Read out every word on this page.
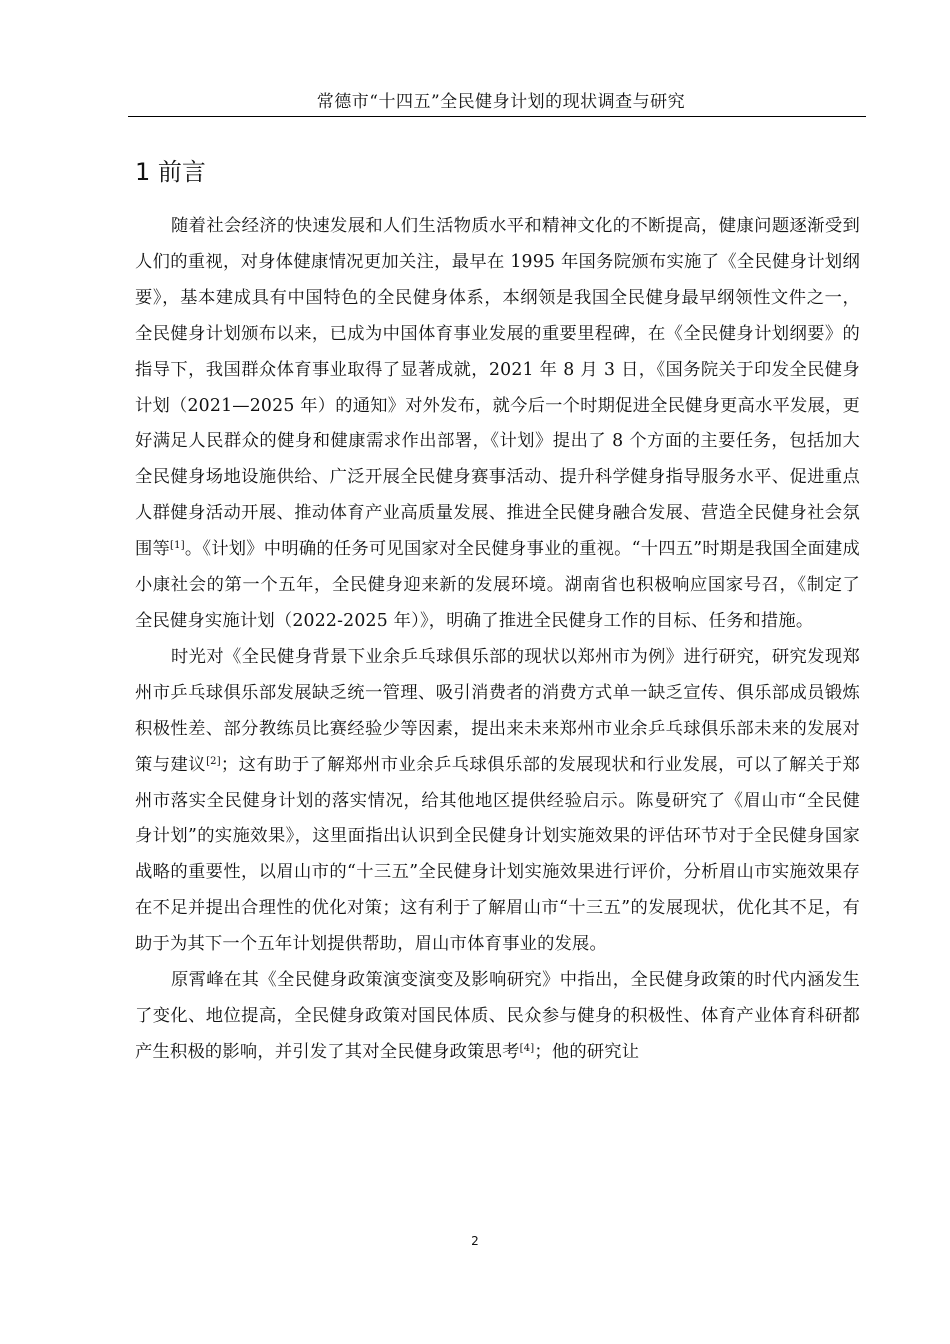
常德市“十四五”全民健身计划的现状调查与研究
1 前言

随着社会经济的快速发展和人们生活物质水平和精神文化的不断提高，健康问题逐渐受到人们的重视，对身体健康情况更加关注，最早在 1995 年国务院颁布实施了《全民健身计划纲要》，基本建成具有中国特色的全民健身体系，本纲领是我国全民健身最早纲领性文件之一，全民健身计划颁布以来，已成为中国体育事业发展的重要里程碑，在《全民健身计划纲要》的指导下，我国群众体育事业取得了显著成就，2021 年 8 月 3 日，《国务院关于印发全民健身计划（2021—2025 年）的通知》对外发布，就今后一个时期促进全民健身更高水平发展，更好满足人民群众的健身和健康需求作出部署，《计划》提出了 8 个方面的主要任务，包括加大全民健身场地设施供给、广泛开展全民健身赛事活动、提升科学健身指导服务水平、促进重点人群健身活动开展、推动体育产业高质量发展、推进全民健身融合发展、营造全民健身社会氛围等[1]。《计划》中明确的任务可见国家对全民健身事业的重视。“十四五”时期是我国全面建成小康社会的第一个五年，全民健身迎来新的发展环境。湖南省也积极响应国家号召，《制定了全民健身实施计划（2022-2025 年）》，明确了推进全民健身工作的目标、任务和措施。

时光对《全民健身背景下业余乒乓球俱乐部的现状以郑州市为例》进行研究，研究发现郑州市乒乓球俱乐部发展缺乏统一管理、吸引消费者的消费方式单一缺乏宣传、俱乐部成员锻炼积极性差、部分教练员比赛经验少等因素，提出来未来郑州市业余乒乓球俱乐部未来的发展对策与建议[2]；这有助于了解郑州市业余乒乓球俱乐部的发展现状和行业发展，可以了解关于郑州市落实全民健身计划的落实情况，给其他地区提供经验启示。陈曼研究了《眉山市“全民健身计划”的实施效果》，这里面指出认识到全民健身计划实施效果的评估环节对于全民健身国家战略的重要性，以眉山市的“十三五”全民健身计划实施效果进行评价，分析眉山市实施效果存在不足并提出合理性的优化对策；这有利于了解眉山市“十三五”的发展现状，优化其不足，有助于为其下一个五年计划提供帮助，眉山市体育事业的发展。

原霄峰在其《全民健身政策演变演变及影响研究》中指出，全民健身政策的时代内涵发生了变化、地位提高，全民健身政策对国民体质、民众参与健身的积极性、体育产业体育科研都产生积极的影响，并引发了其对全民健身政策思考[4]；他的研究让

2
